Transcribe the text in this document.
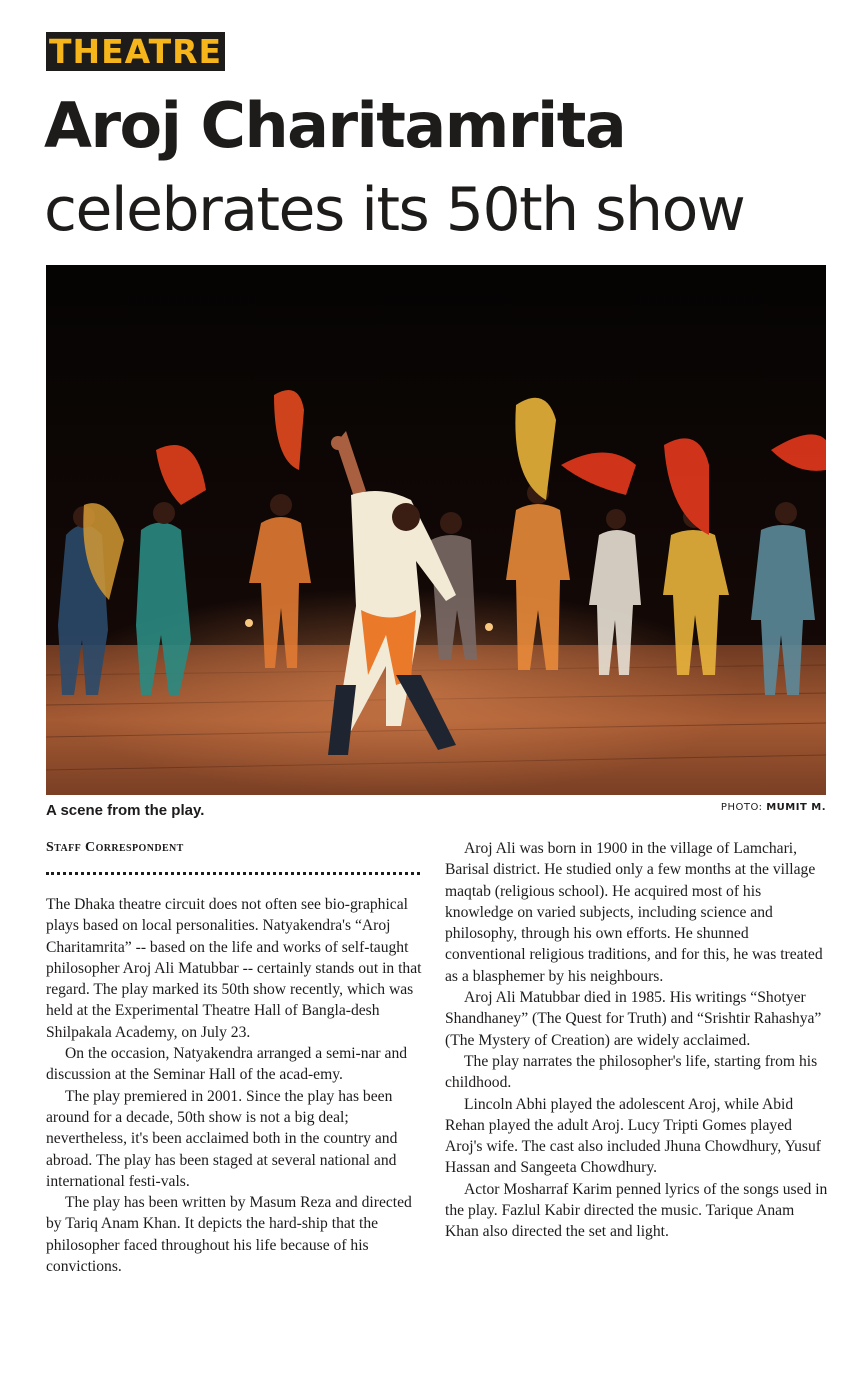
THEATRE
Aroj Charitamrita
celebrates its 50th show
A scene from the play.	PHOTO: MUMIT M.
Staff Correspondent

The Dhaka theatre circuit does not often see bio-graphical plays based on local personalities. Natyakendra's “Aroj Charitamrita” -- based on the life and works of self-taught philosopher Aroj Ali Matubbar -- certainly stands out in that regard. The play marked its 50th show recently, which was held at the Experimental Theatre Hall of Bangla-desh Shilpakala Academy, on July 23.

On the occasion, Natyakendra arranged a semi-nar and discussion at the Seminar Hall of the acad-emy.

The play premiered in 2001. Since the play has been around for a decade, 50th show is not a big deal; nevertheless, it's been acclaimed both in the country and abroad. The play has been staged at several national and international festi-vals.

The play has been written by Masum Reza and directed by Tariq Anam Khan. It depicts the hard-ship that the philosopher faced throughout his life because of his convictions.

Aroj Ali was born in 1900 in the village of Lamchari, Barisal district. He studied only a few months at the village maqtab (religious school). He acquired most of his knowledge on varied subjects, including science and philosophy, through his own efforts. He shunned conventional religious traditions, and for this, he was treated as a blasphemer by his neighbours.

Aroj Ali Matubbar died in 1985. His writings “Shotyer Shandhaney” (The Quest for Truth) and “Srishtir Rahashya” (The Mystery of Creation) are widely acclaimed.

The play narrates the philosopher's life, starting from his childhood.

Lincoln Abhi played the adolescent Aroj, while Abid Rehan played the adult Aroj. Lucy Tripti Gomes played Aroj's wife. The cast also included Jhuna Chowdhury, Yusuf Hassan and Sangeeta Chowdhury.

Actor Mosharraf Karim penned lyrics of the songs used in the play. Fazlul Kabir directed the music. Tarique Anam Khan also directed the set and light.
